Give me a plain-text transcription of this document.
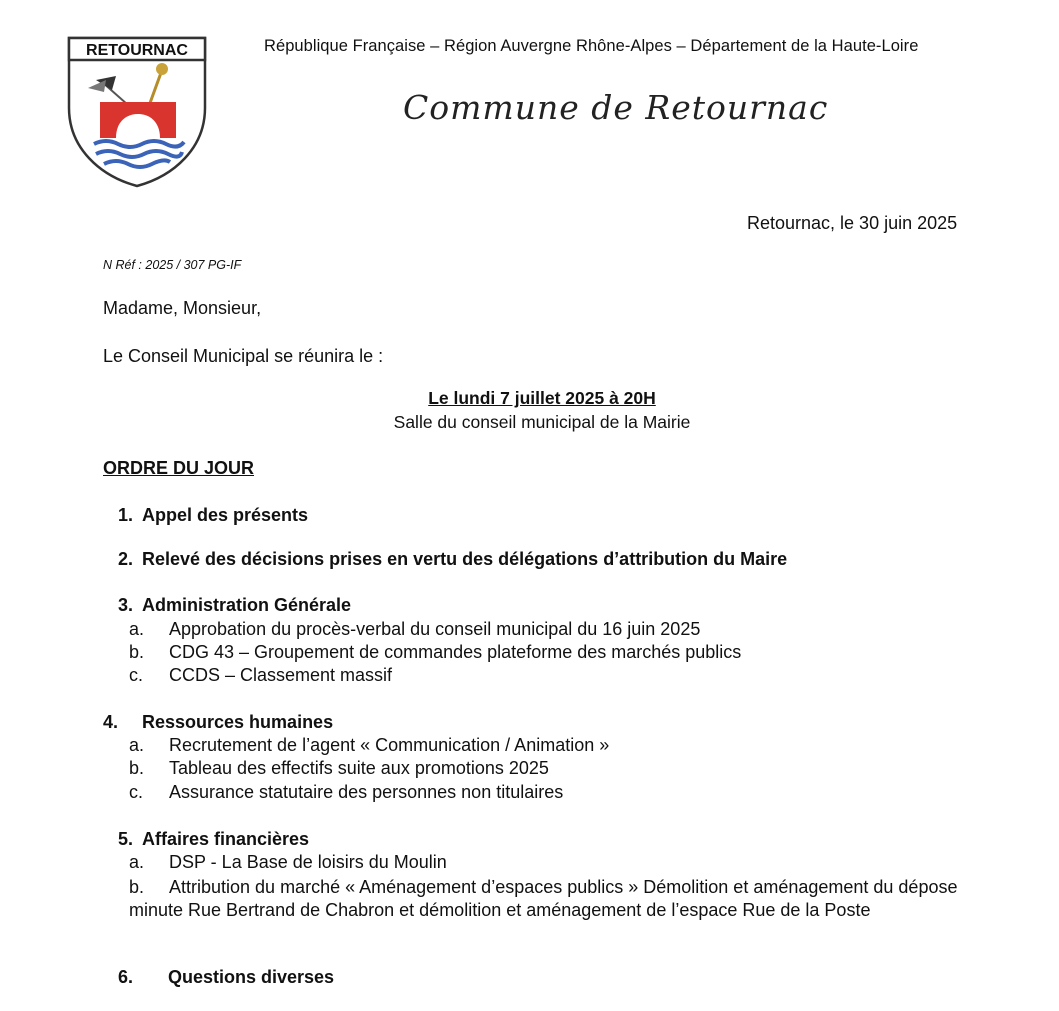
RETOURNAC	République Française – Région Auvergne Rhône-Alpes – Département de la Haute-Loire
Commune de Retournac
Retournac, le 30 juin 2025
N Réf : 2025 / 307 PG-IF
Madame, Monsieur,
Le Conseil Municipal se réunira le :
Le lundi 7 juillet 2025 à 20H
Salle du conseil municipal de la Mairie
ORDRE DU JOUR
1. Appel des présents
2. Relevé des décisions prises en vertu des délégations d’attribution du Maire
3. Administration Générale
a. Approbation du procès-verbal du conseil municipal du 16 juin 2025
b. CDG 43 – Groupement de commandes plateforme des marchés publics
c. CCDS – Classement massif
4. Ressources humaines
a. Recrutement de l’agent « Communication / Animation »
b. Tableau des effectifs suite aux promotions 2025
c. Assurance statutaire des personnes non titulaires
5. Affaires financières
a. DSP - La Base de loisirs du Moulin
b.	Attribution du marché « Aménagement d’espaces publics » Démolition et aménagement du dépose minute Rue Bertrand de Chabron et démolition et aménagement de l’espace Rue de la Poste
6. Questions diverses
